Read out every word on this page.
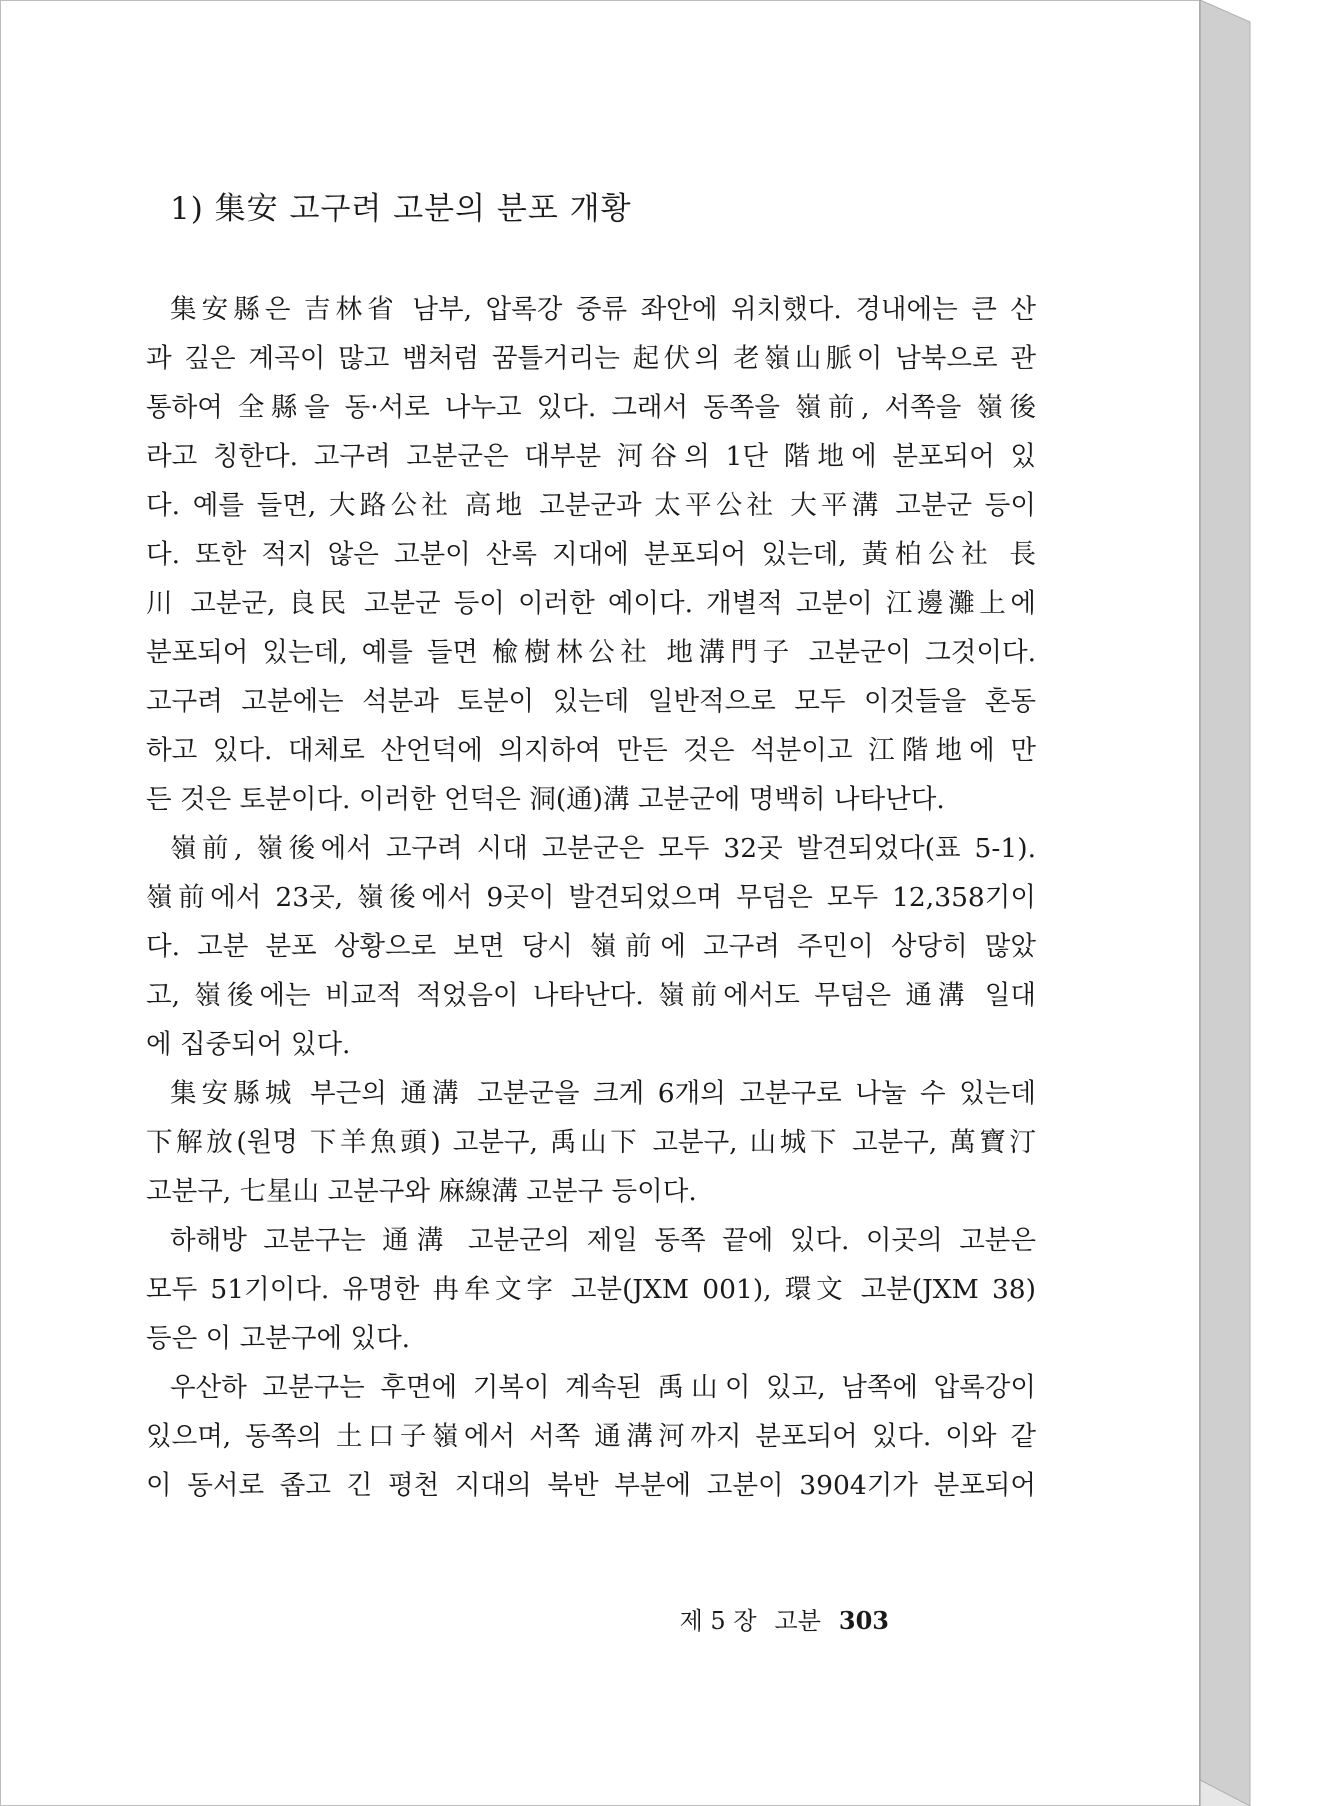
1) 集安 고구려 고분의 분포 개황

集安縣은 吉林省 남부, 압록강 중류 좌안에 위치했다. 경내에는 큰 산

과 깊은 계곡이 많고 뱀처럼 꿈틀거리는 起伏의 老嶺山脈이 남북으로 관

통하여 全縣을 동·서로 나누고 있다. 그래서 동쪽을 嶺前, 서쪽을 嶺後

라고 칭한다. 고구려 고분군은 대부분 河谷의 1단 階地에 분포되어 있

다. 예를 들면, 大路公社 高地 고분군과 太平公社 大平溝 고분군 등이

다. 또한 적지 않은 고분이 산록 지대에 분포되어 있는데, 黃柏公社 長

川 고분군, 良民 고분군 등이 이러한 예이다. 개별적 고분이 江邊灘上에

분포되어 있는데, 예를 들면 楡樹林公社 地溝門子 고분군이 그것이다.

고구려 고분에는 석분과 토분이 있는데 일반적으로 모두 이것들을 혼동

하고 있다. 대체로 산언덕에 의지하여 만든 것은 석분이고 江階地에 만

든 것은 토분이다. 이러한 언덕은 洞(通)溝 고분군에 명백히 나타난다.

嶺前, 嶺後에서 고구려 시대 고분군은 모두 32곳 발견되었다(표 5-1).

嶺前에서 23곳, 嶺後에서 9곳이 발견되었으며 무덤은 모두 12,358기이

다. 고분 분포 상황으로 보면 당시 嶺前에 고구려 주민이 상당히 많았

고, 嶺後에는 비교적 적었음이 나타난다. 嶺前에서도 무덤은 通溝 일대

에 집중되어 있다.

集安縣城 부근의 通溝 고분군을 크게 6개의 고분구로 나눌 수 있는데

下解放(원명 下羊魚頭) 고분구, 禹山下 고분구, 山城下 고분구, 萬寶汀

고분구, 七星山 고분구와 麻線溝 고분구 등이다.

하해방 고분구는 通溝 고분군의 제일 동쪽 끝에 있다. 이곳의 고분은

모두 51기이다. 유명한 冉牟文字 고분(JXM 001), 環文 고분(JXM 38)

등은 이 고분구에 있다.

우산하 고분구는 후면에 기복이 계속된 禹山이 있고, 남쪽에 압록강이

있으며, 동쪽의 土口子嶺에서 서쪽 通溝河까지 분포되어 있다. 이와 같

이 동서로 좁고 긴 평천 지대의 북반 부분에 고분이 3904기가 분포되어

제 5 장 고분 303
